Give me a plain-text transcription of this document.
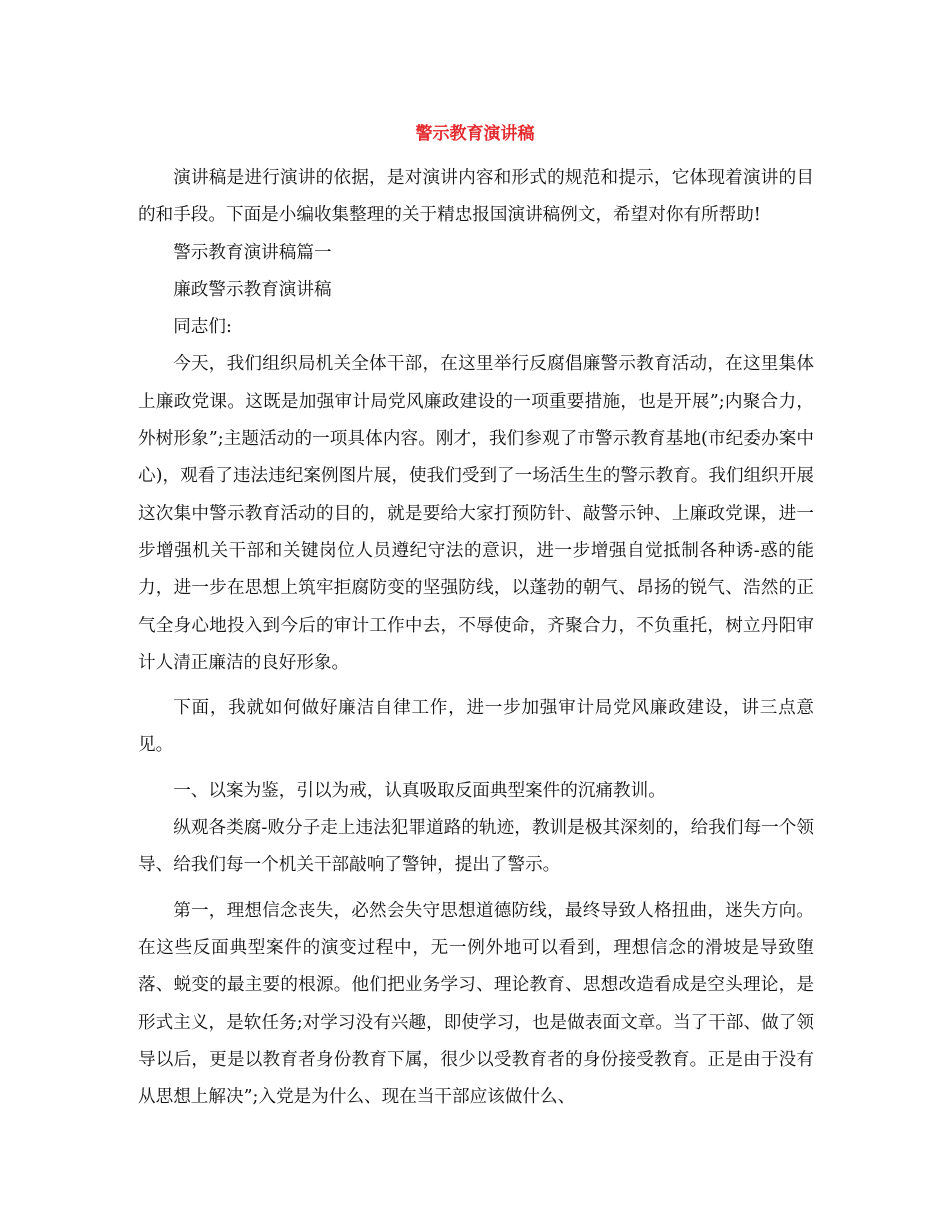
警示教育演讲稿

演讲稿是进行演讲的依据，是对演讲内容和形式的规范和提示，它体现着演讲的目的和手段。下面是小编收集整理的关于精忠报国演讲稿例文，希望对你有所帮助!

警示教育演讲稿篇一

廉政警示教育演讲稿

同志们:

今天，我们组织局机关全体干部，在这里举行反腐倡廉警示教育活动，在这里集体上廉政党课。这既是加强审计局党风廉政建设的一项重要措施，也是开展”;内聚合力，外树形象”;主题活动的一项具体内容。刚才，我们参观了市警示教育基地(市纪委办案中心)，观看了违法违纪案例图片展，使我们受到了一场活生生的警示教育。我们组织开展这次集中警示教育活动的目的，就是要给大家打预防针、敲警示钟、上廉政党课，进一步增强机关干部和关键岗位人员遵纪守法的意识，进一步增强自觉抵制各种诱-惑的能力，进一步在思想上筑牢拒腐防变的坚强防线，以蓬勃的朝气、昂扬的锐气、浩然的正气全身心地投入到今后的审计工作中去，不辱使命，齐聚合力，不负重托，树立丹阳审计人清正廉洁的良好形象。

下面，我就如何做好廉洁自律工作，进一步加强审计局党风廉政建设，讲三点意见。

一、以案为鉴，引以为戒，认真吸取反面典型案件的沉痛教训。

纵观各类腐-败分子走上违法犯罪道路的轨迹，教训是极其深刻的，给我们每一个领导、给我们每一个机关干部敲响了警钟，提出了警示。

第一，理想信念丧失，必然会失守思想道德防线，最终导致人格扭曲，迷失方向。在这些反面典型案件的演变过程中，无一例外地可以看到，理想信念的滑坡是导致堕落、蜕变的最主要的根源。他们把业务学习、理论教育、思想改造看成是空头理论，是形式主义，是软任务;对学习没有兴趣，即使学习，也是做表面文章。当了干部、做了领导以后，更是以教育者身份教育下属，很少以受教育者的身份接受教育。正是由于没有从思想上解决”;入党是为什么、现在当干部应该做什么、
